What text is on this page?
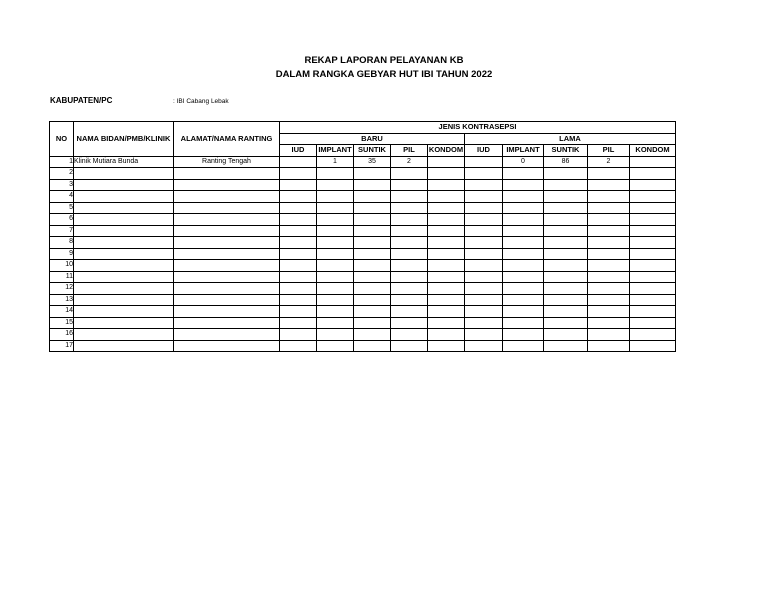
REKAP LAPORAN PELAYANAN KB
DALAM RANGKA GEBYAR HUT IBI TAHUN 2022
KABUPATEN/PC	: IBI Cabang Lebak
NO	NAMA BIDAN/PMB/KLINIK	ALAMAT/NAMA RANTING	JENIS KONTRASEPSI									
			BARU					LAMA				
			IUD	IMPLANT	SUNTIK	PIL	KONDOM	IUD	IMPLANT	SUNTIK	PIL	KONDOM
1	Klinik Mutiara Bunda	Ranting Tengah		1	35	2			0	86	2	
2												
3												
4												
5												
6												
7												
8												
9												
10												
11												
12												
13												
14												
15												
16												
17												
